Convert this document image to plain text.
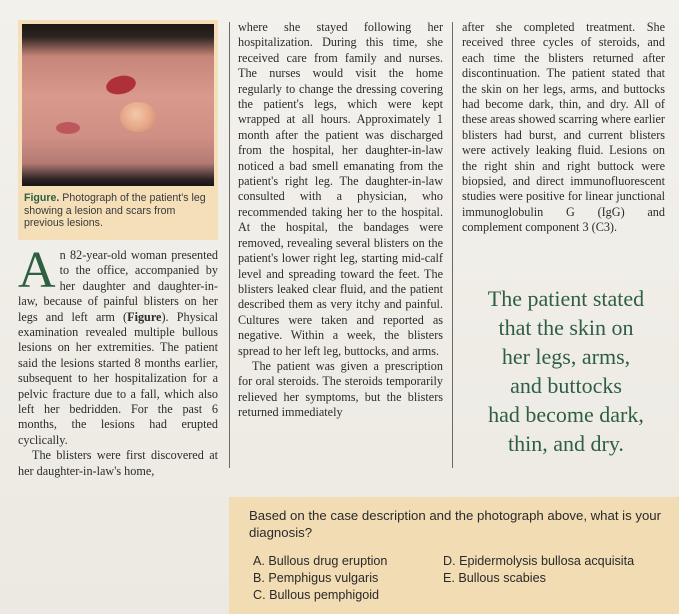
Figure. Photograph of the patient's leg showing a lesion and scars from previous lesions.

An 82-year-old woman presented to the office, accompanied by her daughter and daughter-in-law, because of painful blisters on her legs and left arm (Figure). Physical examination revealed multiple bullous lesions on her extremities. The patient said the lesions started 8 months earlier, subsequent to her hospitalization for a pelvic fracture due to a fall, which also left her bedridden. For the past 6 months, the lesions had erupted cyclically.

The blisters were first discovered at her daughter-in-law's home,

where she stayed following her hospitalization. During this time, she received care from family and nurses. The nurses would visit the home regularly to change the dressing covering the patient's legs, which were kept wrapped at all hours. Approximately 1 month after the patient was discharged from the hospital, her daughter-in-law noticed a bad smell emanating from the patient's right leg. The daughter-in-law consulted with a physician, who recommended taking her to the hospital. At the hospital, the bandages were removed, revealing several blisters on the patient's lower right leg, starting mid-calf level and spreading toward the feet. The blisters leaked clear fluid, and the patient described them as very itchy and painful. Cultures were taken and reported as negative. Within a week, the blisters spread to her left leg, buttocks, and arms.

The patient was given a prescription for oral steroids. The steroids temporarily relieved her symptoms, but the blisters returned immediately

after she completed treatment. She received three cycles of steroids, and each time the blisters returned after discontinuation. The patient stated that the skin on her legs, arms, and buttocks had become dark, thin, and dry. All of these areas showed scarring where earlier blisters had burst, and current blisters were actively leaking fluid. Lesions on the right shin and right buttock were biopsied, and direct immunofluorescent studies were positive for linear junctional immunoglobulin G (IgG) and complement component 3 (C3).

The patient stated
that the skin on
her legs, arms,
and buttocks
had become dark,
thin, and dry.
Based on the case description and the photograph above, what is your diagnosis?
A. Bullous drug eruption
B. Pemphigus vulgaris
C. Bullous pemphigoid
D. Epidermolysis bullosa acquisita
E. Bullous scabies
